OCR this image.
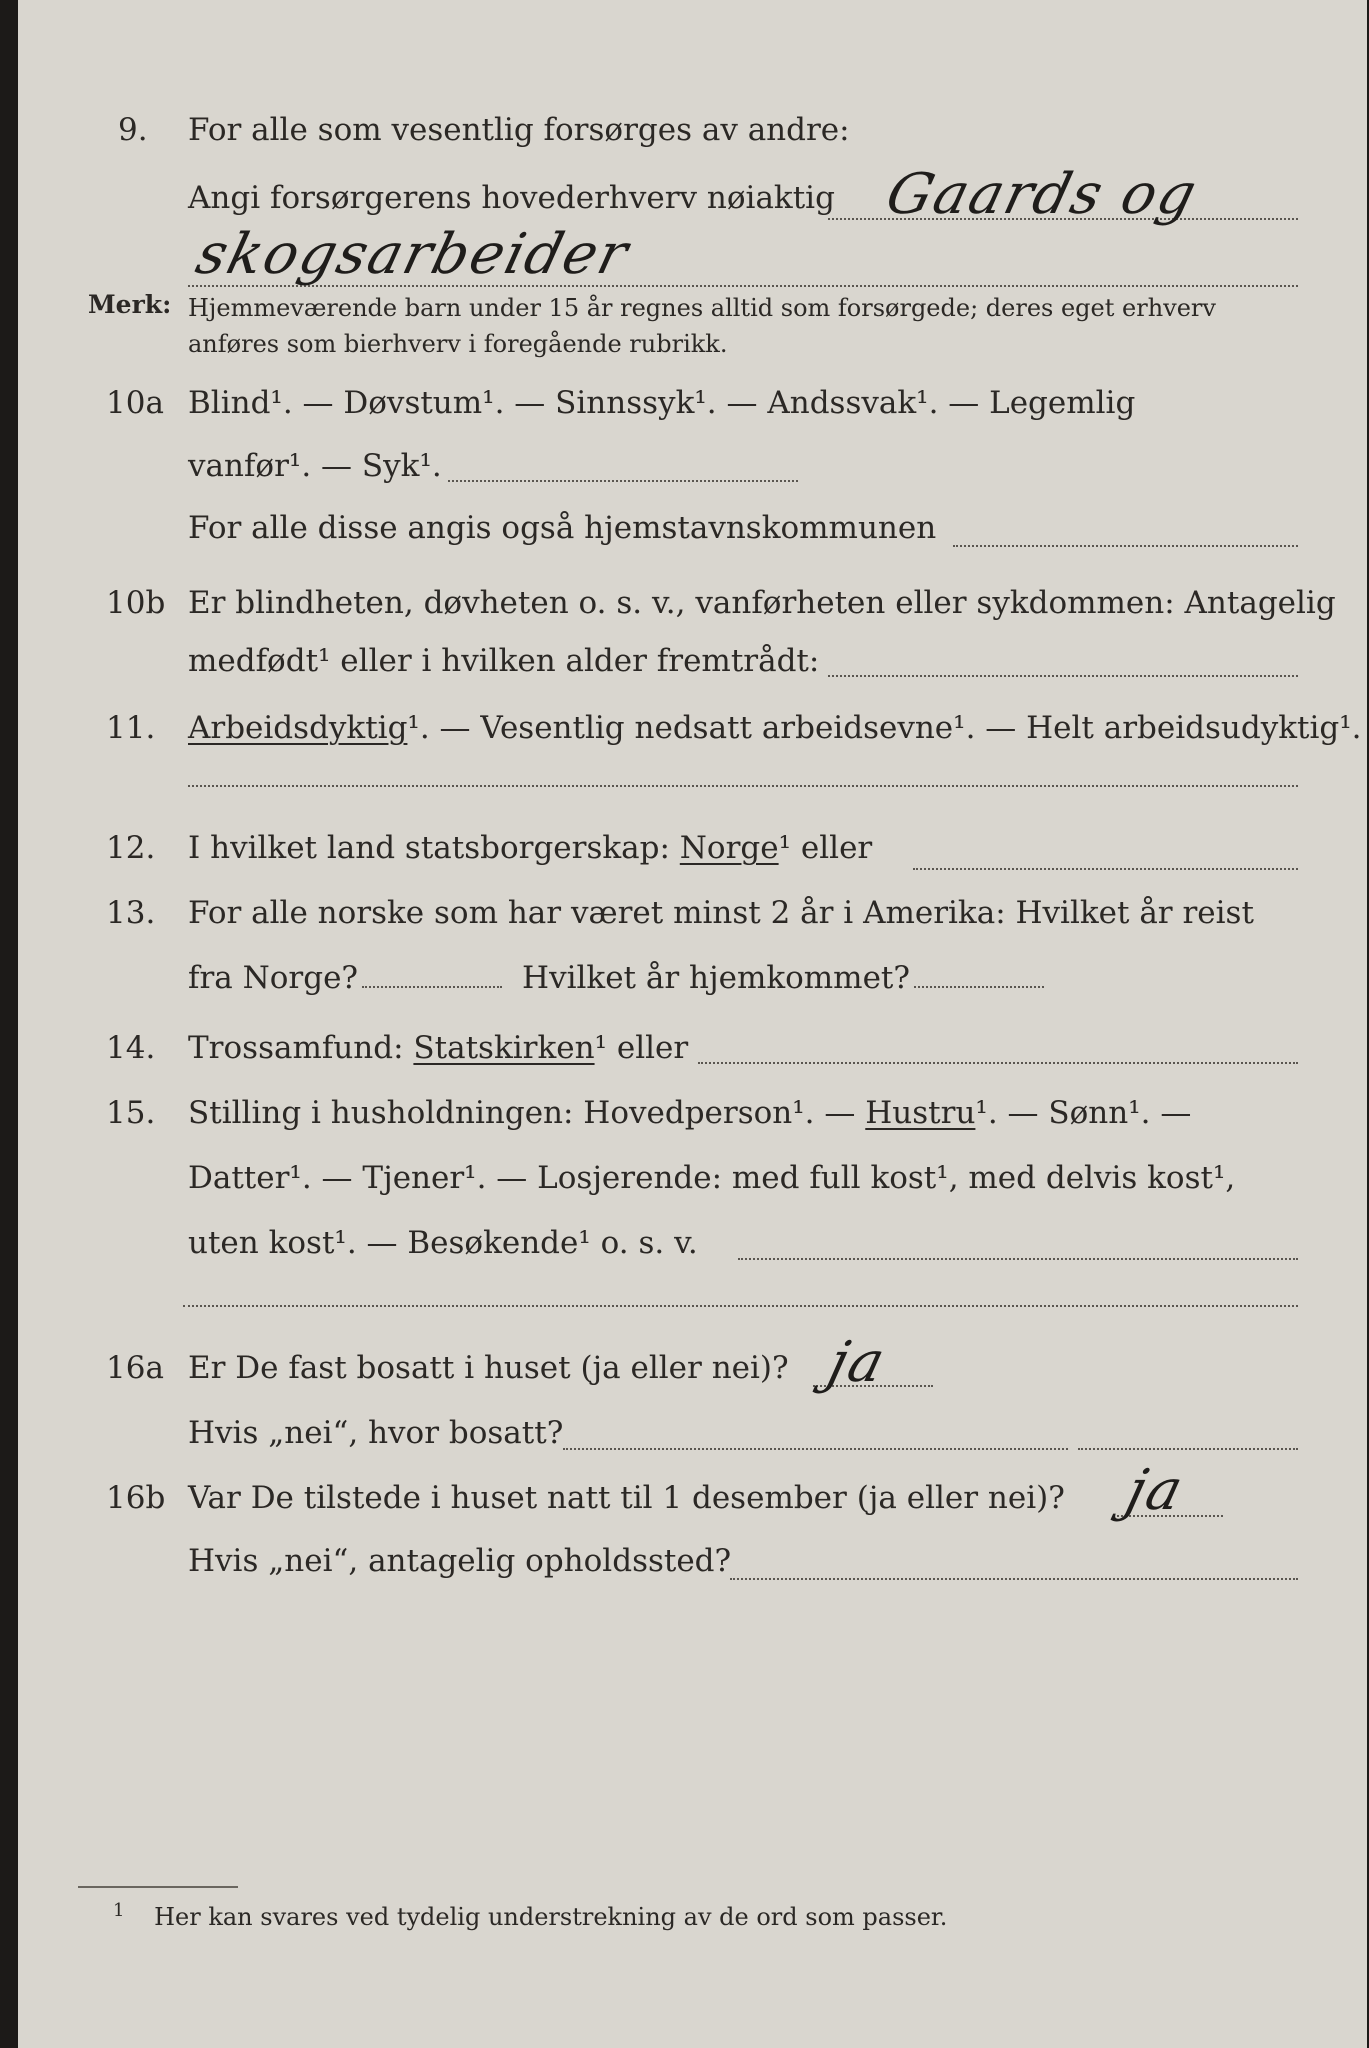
9.	For alle som vesentlig forsørges av andre:
Angi forsørgerens hovederhverv nøiaktig Gaards og
skogsarbeider
Merk: Hjemmeværende barn under 15 år regnes alltid som forsørgede; deres eget erhverv anføres som bierhverv i foregående rubrikk.
10a Blind¹. — Døvstum¹. — Sinnssyk¹. — Andssvak¹. — Legemlig
vanfør¹. — Syk¹.
For alle disse angis også hjemstavnskommunen
10b Er blindheten, døvheten o. s. v., vanførheten eller sykdommen: Antagelig
medfødt¹ eller i hvilken alder fremtrådt:
11.	Arbeidsdyktig¹. — Vesentlig nedsatt arbeidsevne¹. — Helt arbeidsudyktig¹.
12.	I hvilket land statsborgerskap: Norge¹ eller
13.	For alle norske som har været minst 2 år i Amerika: Hvilket år reist
fra Norge?	Hvilket år hjemkommet?
14.	Trossamfund: Statskirken¹ eller
15.	Stilling i husholdningen: Hovedperson¹. — Hustru¹. — Sønn¹. —
Datter¹. — Tjener¹. — Losjerende: med full kost¹, med delvis kost¹,
uten kost¹. — Besøkende¹ o. s. v.
16a Er De fast bosatt i huset (ja eller nei)? ja
Hvis „nei“, hvor bosatt?
16b Var De tilstede i huset natt til 1 desember (ja eller nei)? ja
Hvis „nei“, antagelig opholdssted?
$^1$ Her kan svares ved tydelig understrekning av de ord som passer.
